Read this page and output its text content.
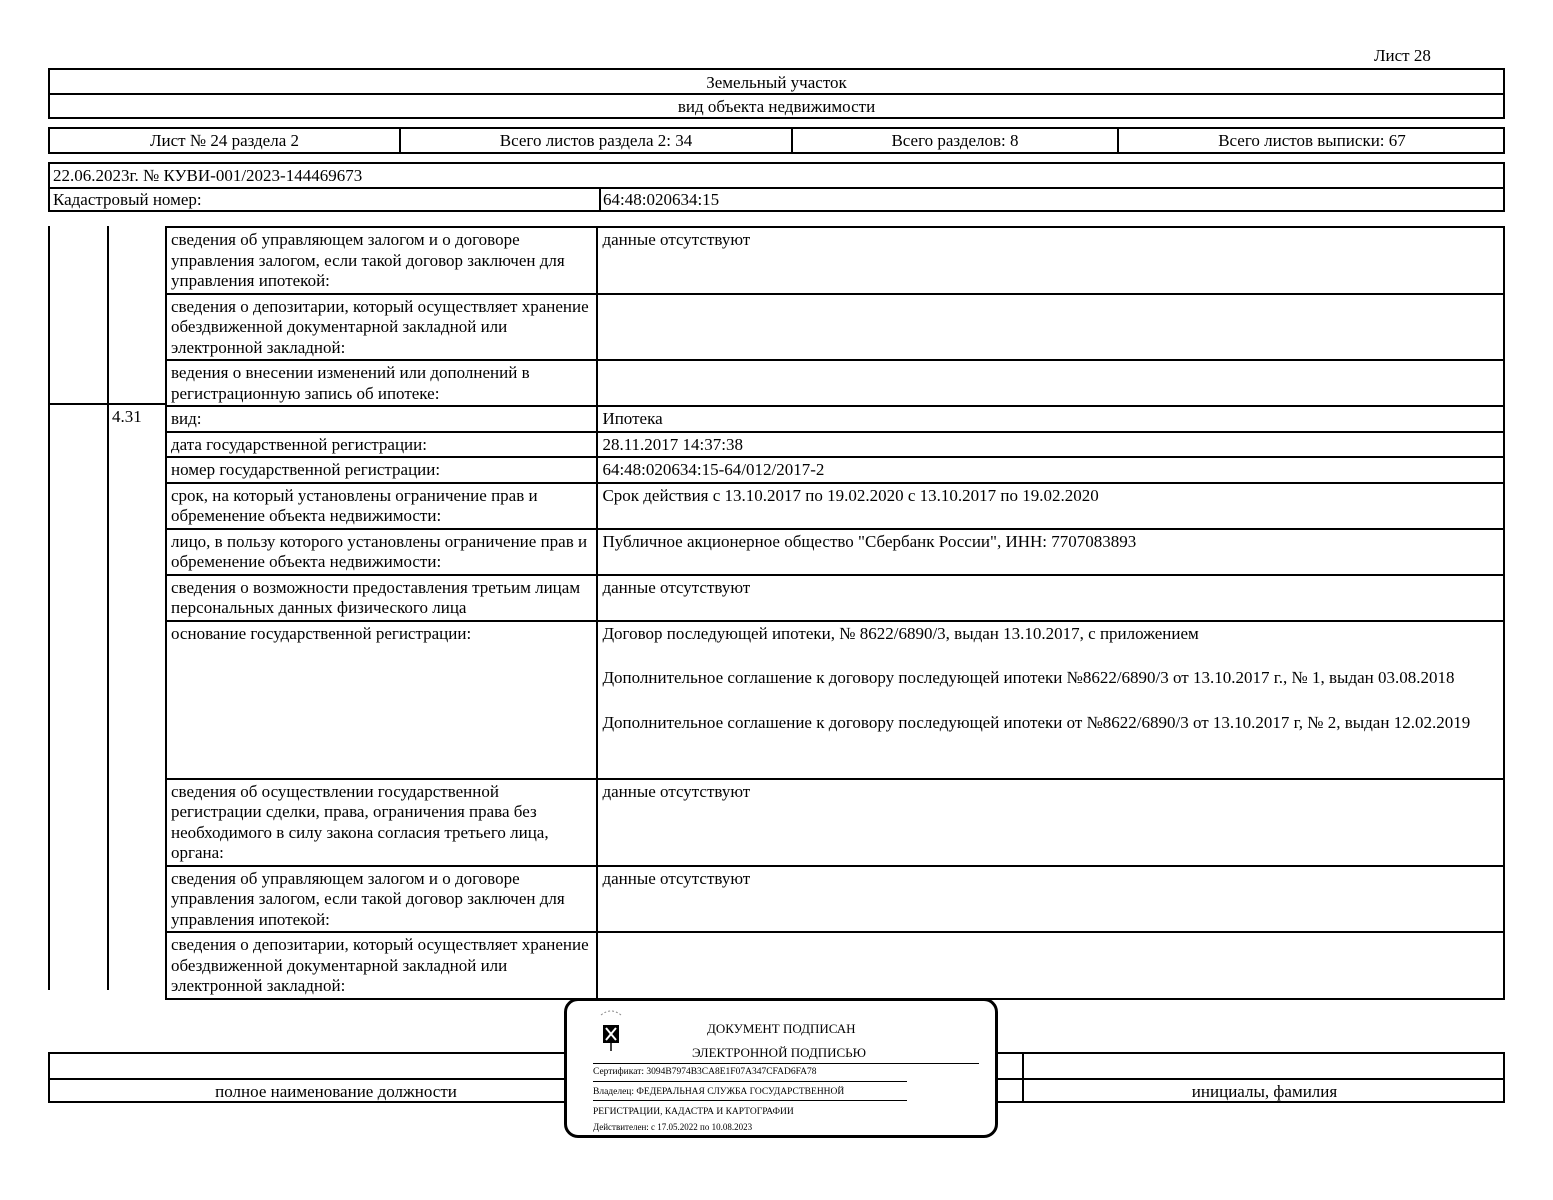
Лист 28
Земельный участок
вид объекта недвижимости
Лист № 24 раздела 2	Всего листов раздела 2: 34	Всего разделов: 8	Всего листов выписки: 67
22.06.2023г. № КУВИ-001/2023-144469673
Кадастровый номер:	64:48:020634:15
4.31
сведения об управляющем залогом и о договоре управления залогом, если такой договор заключен для управления ипотекой:	данные отсутствуют
сведения о депозитарии, который осуществляет хранение обездвиженной документарной закладной или электронной закладной:	
ведения о внесении изменений или дополнений в регистрационную запись об ипотеке:	
вид:	Ипотека
дата государственной регистрации:	28.11.2017 14:37:38
номер государственной регистрации:	64:48:020634:15-64/012/2017-2
срок, на который установлены ограничение прав и обременение объекта недвижимости:	Срок действия с 13.10.2017 по 19.02.2020 с 13.10.2017 по 19.02.2020
лицо, в пользу которого установлены ограничение прав и обременение объекта недвижимости:	Публичное акционерное общество "Сбербанк России", ИНН: 7707083893
сведения о возможности предоставления третьим лицам персональных данных физического лица	данные отсутствуют
основание государственной регистрации:	Договор последующей ипотеки, № 8622/6890/3, выдан 13.10.2017, с приложением
Дополнительное соглашение к договору последующей ипотеки №8622/6890/3 от 13.10.2017 г., № 1, выдан 03.08.2018
Дополнительное соглашение к договору последующей ипотеки от №8622/6890/3 от 13.10.2017 г, № 2, выдан 12.02.2019

сведения об осуществлении государственной регистрации сделки, права, ограничения права без необходимого в силу закона согласия третьего лица, органа:	данные отсутствуют
сведения об управляющем залогом и о договоре управления залогом, если такой договор заключен для управления ипотекой:	данные отсутствуют
сведения о депозитарии, который осуществляет хранение обездвиженной документарной закладной или электронной закладной:	
полное наименование должности	инициалы, фамилия
ДОКУМЕНТ ПОДПИСАН
ЭЛЕКТРОННОЙ ПОДПИСЬЮ
Сертификат: 3094B7974B3CA8E1F07A347CFAD6FA78
Владелец: ФЕДЕРАЛЬНАЯ СЛУЖБА ГОСУДАРСТВЕННОЙ
РЕГИСТРАЦИИ, КАДАСТРА И КАРТОГРАФИИ
Действителен: с 17.05.2022 по 10.08.2023
